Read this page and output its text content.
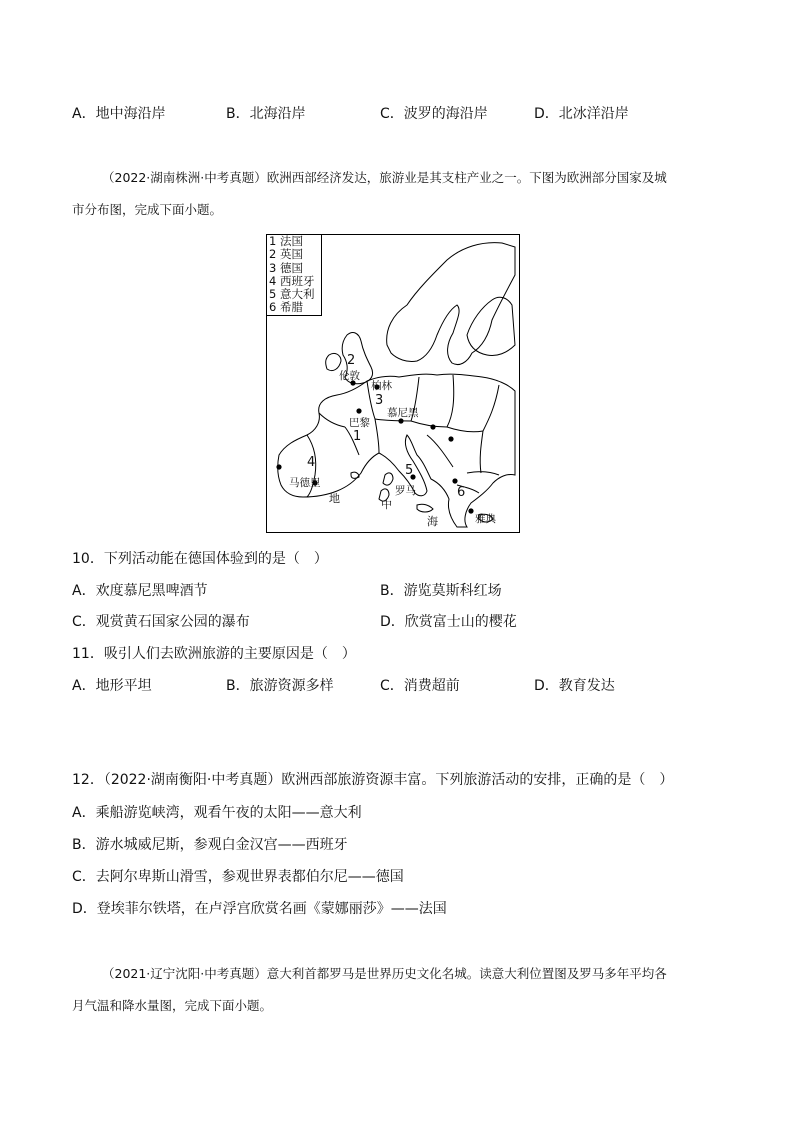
A．地中海沿岸	B．北海沿岸	C．波罗的海沿岸	D．北冰洋沿岸
（2022·湖南株洲·中考真题）欧洲西部经济发达，旅游业是其支柱产业之一。下图为欧洲部分国家及城
市分布图，完成下面小题。
伦敦
柏林
巴黎
慕尼黑
马德里
罗马
雅典
1
2
3
4
5
6
地	中
海
1 法国
2 英国
3 德国
4 西班牙
5 意大利
6 希腊
10．下列活动能在德国体验到的是（　）
A．欢度慕尼黑啤酒节	B．游览莫斯科红场
C．观赏黄石国家公园的瀑布	D．欣赏富士山的樱花
11．吸引人们去欧洲旅游的主要原因是（　）
A．地形平坦	B．旅游资源多样	C．消费超前	D．教育发达
12．（2022·湖南衡阳·中考真题）欧洲西部旅游资源丰富。下列旅游活动的安排，正确的是（　）
A．乘船游览峡湾，观看午夜的太阳——意大利
B．游水城威尼斯，参观白金汉宫——西班牙
C．去阿尔卑斯山滑雪，参观世界表都伯尔尼——德国
D．登埃菲尔铁塔，在卢浮宫欣赏名画《蒙娜丽莎》——法国
（2021·辽宁沈阳·中考真题）意大利首都罗马是世界历史文化名城。读意大利位置图及罗马多年平均各
月气温和降水量图，完成下面小题。
